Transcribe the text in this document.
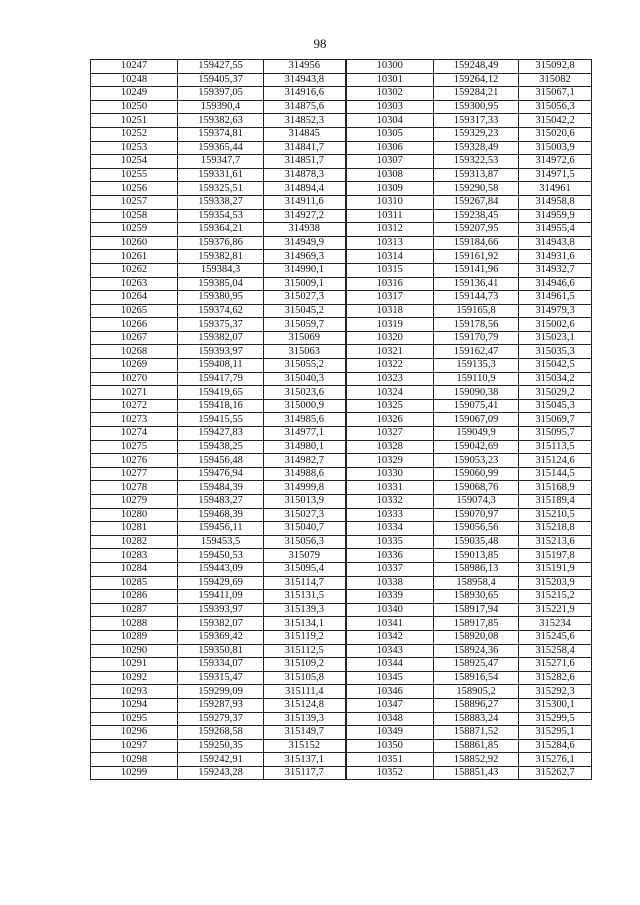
98
10247	159427,55	314956	10300	159248,49	315092,8
10248	159405,37	314943,8	10301	159264,12	315082
10249	159397,05	314916,6	10302	159284,21	315067,1
10250	159390,4	314875,6	10303	159300,95	315056,3
10251	159382,63	314852,3	10304	159317,33	315042,2
10252	159374,81	314845	10305	159329,23	315020,6
10253	159365,44	314841,7	10306	159328,49	315003,9
10254	159347,7	314851,7	10307	159322,53	314972,6
10255	159331,61	314878,3	10308	159313,87	314971,5
10256	159325,51	314894,4	10309	159290,58	314961
10257	159338,27	314911,6	10310	159267,84	314958,8
10258	159354,53	314927,2	10311	159238,45	314959,9
10259	159364,21	314938	10312	159207,95	314955,4
10260	159376,86	314949,9	10313	159184,66	314943,8
10261	159382,81	314969,3	10314	159161,92	314931,6
10262	159384,3	314990,1	10315	159141,96	314932,7
10263	159385,04	315009,1	10316	159136,41	314946,6
10264	159380,95	315027,3	10317	159144,73	314961,5
10265	159374,62	315045,2	10318	159165,8	314979,3
10266	159375,37	315059,7	10319	159178,56	315002,6
10267	159382,07	315069	10320	159170,79	315023,1
10268	159393,97	315063	10321	159162,47	315035,3
10269	159408,11	315055,2	10322	159135,3	315042,5
10270	159417,79	315040,3	10323	159110,9	315034,2
10271	159419,65	315023,6	10324	159090,38	315029,2
10272	159418,16	315000,9	10325	159075,41	315045,3
10273	159415,55	314985,6	10326	159067,09	315069,7
10274	159427,83	314977,1	10327	159049,9	315095,7
10275	159438,25	314980,1	10328	159042,69	315113,5
10276	159456,48	314982,7	10329	159053,23	315124,6
10277	159476,94	314988,6	10330	159060,99	315144,5
10278	159484,39	314999,8	10331	159068,76	315168,9
10279	159483,27	315013,9	10332	159074,3	315189,4
10280	159468,39	315027,3	10333	159070,97	315210,5
10281	159456,11	315040,7	10334	159056,56	315218,8
10282	159453,5	315056,3	10335	159035,48	315213,6
10283	159450,53	315079	10336	159013,85	315197,8
10284	159443,09	315095,4	10337	158986,13	315191,9
10285	159429,69	315114,7	10338	158958,4	315203,9
10286	159411,09	315131,5	10339	158930,65	315215,2
10287	159393,97	315139,3	10340	158917,94	315221,9
10288	159382,07	315134,1	10341	158917,85	315234
10289	159369,42	315119,2	10342	158920,08	315245,6
10290	159350,81	315112,5	10343	158924,36	315258,4
10291	159334,07	315109,2	10344	158925,47	315271,6
10292	159315,47	315105,8	10345	158916,54	315282,6
10293	159299,09	315111,4	10346	158905,2	315292,3
10294	159287,93	315124,8	10347	158896,27	315300,1
10295	159279,37	315139,3	10348	158883,24	315299,5
10296	159268,58	315149,7	10349	158871,52	315295,1
10297	159250,35	315152	10350	158861,85	315284,6
10298	159242,91	315137,1	10351	158852,92	315276,1
10299	159243,28	315117,7	10352	158851,43	315262,7
